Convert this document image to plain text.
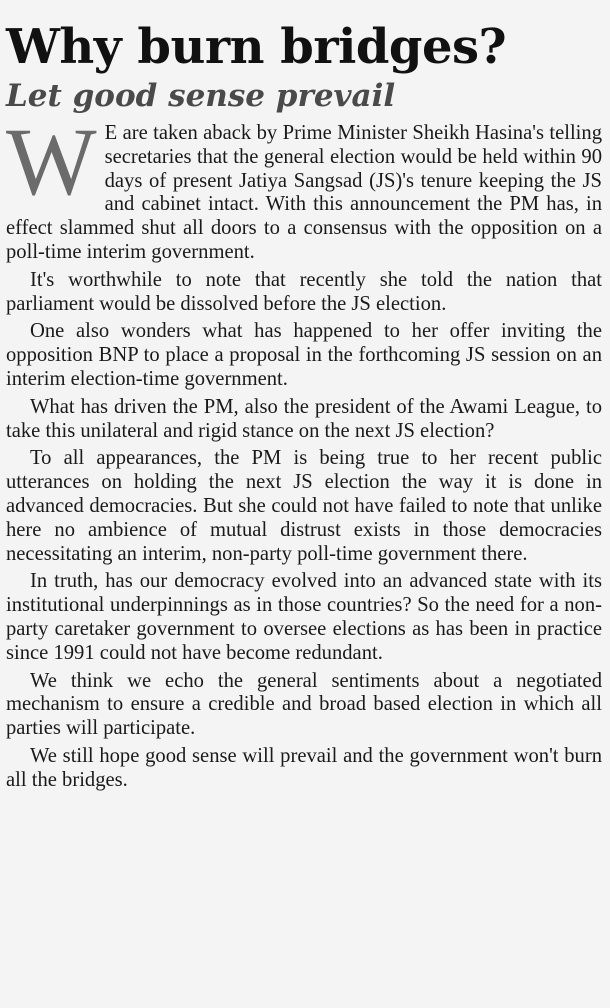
Why burn bridges?
Let good sense prevail

W E are taken aback by Prime Minister Sheikh Hasina's telling secretaries that the general election would be held within 90 days of present Jatiya Sangsad (JS)'s tenure keeping the JS and cabinet intact. With this announcement the PM has, in effect slammed shut all doors to a consensus with the opposition on a poll-time interim government.

It's worthwhile to note that recently she told the nation that parliament would be dissolved before the JS election.

One also wonders what has happened to her offer inviting the opposition BNP to place a proposal in the forthcoming JS session on an interim election-time government.

What has driven the PM, also the president of the Awami League, to take this unilateral and rigid stance on the next JS election?

To all appearances, the PM is being true to her recent public utterances on holding the next JS election the way it is done in advanced democracies. But she could not have failed to note that unlike here no ambience of mutual distrust exists in those democracies necessitating an interim, non-party poll-time government there.

In truth, has our democracy evolved into an advanced state with its institutional underpinnings as in those countries? So the need for a non-party caretaker government to oversee elections as has been in practice since 1991 could not have become redundant.

We think we echo the general sentiments about a negotiated mechanism to ensure a credible and broad based election in which all parties will participate.

We still hope good sense will prevail and the government won't burn all the bridges.
